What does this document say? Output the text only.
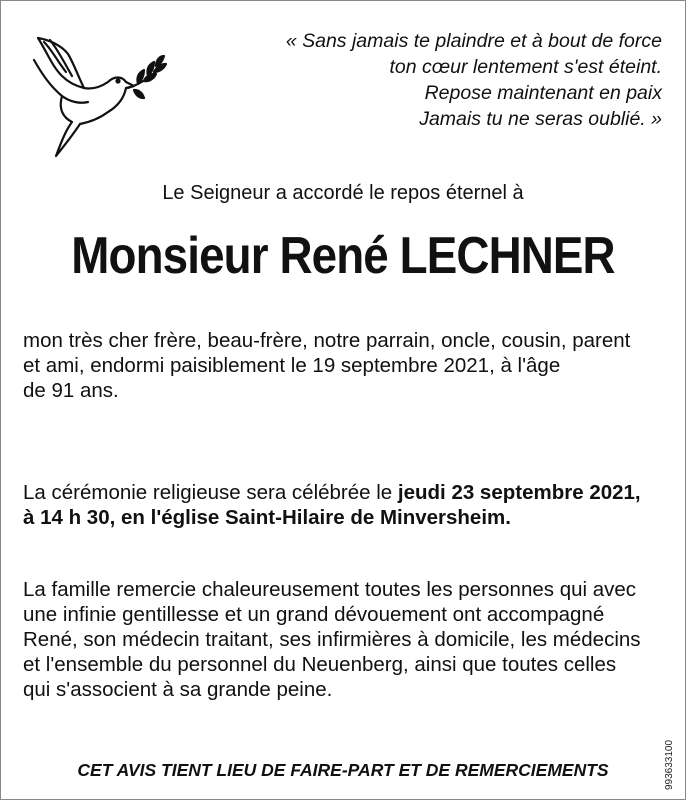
« Sans jamais te plaindre et à bout de force
ton cœur lentement s'est éteint.
Repose maintenant en paix
Jamais tu ne seras oublié. »
Le Seigneur a accordé le repos éternel à
Monsieur René LECHNER
mon très cher frère, beau-frère, notre parrain, oncle, cousin, parent
et ami, endormi paisiblement le 19 septembre 2021, à l'âge
de 91 ans.
La cérémonie religieuse sera célébrée le jeudi 23 septembre 2021,
à 14 h 30, en l'église Saint-Hilaire de Minversheim.
La famille remercie chaleureusement toutes les personnes qui avec
une infinie gentillesse et un grand dévouement ont accompagné
René, son médecin traitant, ses infirmières à domicile, les médecins
et l'ensemble du personnel du Neuenberg, ainsi que toutes celles
qui s'associent à sa grande peine.
CET AVIS TIENT LIEU DE FAIRE-PART ET DE REMERCIEMENTS	993633100
